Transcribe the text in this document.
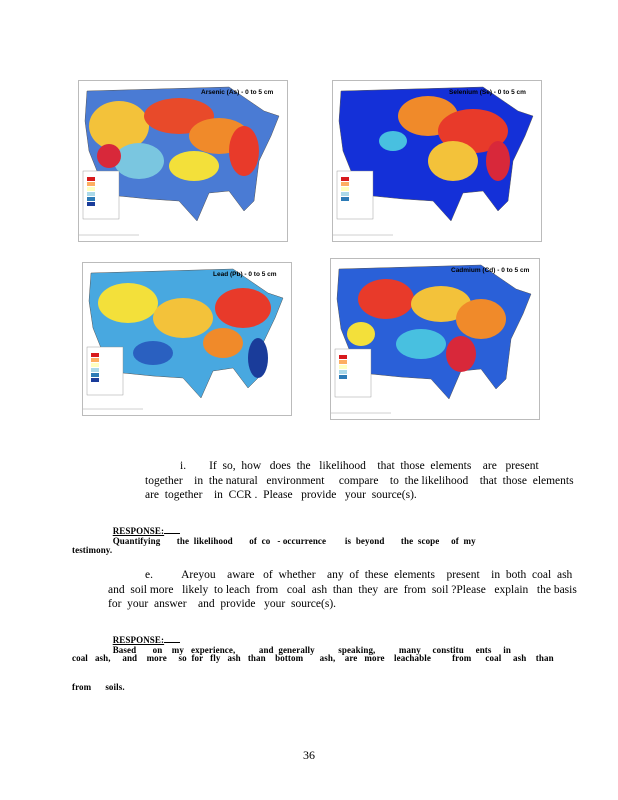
Arsenic (As) - 0 to 5 cm	Selenium (Se) - 0 to 5 cm
Lead (Pb) - 0 to 5 cm
Cadmium (Cd) - 0 to 5 cm
i.        If  so,  how   does  the   likelihood    that  those  elements    are   present
together    in  the natural   environment     compare    to  the likelihood    that  those  elements
are  together    in  CCR .  Please   provide   your  source(s).

RESPONSE:
Quantifying       the  likelihood       of  co   - occurrence        is  beyond       the  scope     of  my

testimony.
e.          Areyou    aware   of  whether    any  of  these  elements    present    in  both  coal  ash
and  soil more   likely  to leach  from   coal  ash  than  they  are  from  soil ?Please   explain   the basis
for  your  answer    and  provide   your  source(s).

RESPONSE:
Based       on    my   experience,          and  generally          speaking,          many     constitu     ents     in

coal   ash,     and    more     so  for   fly   ash   than    bottom       ash,    are   more    leachable         from      coal     ash    than
from      soils.
36
